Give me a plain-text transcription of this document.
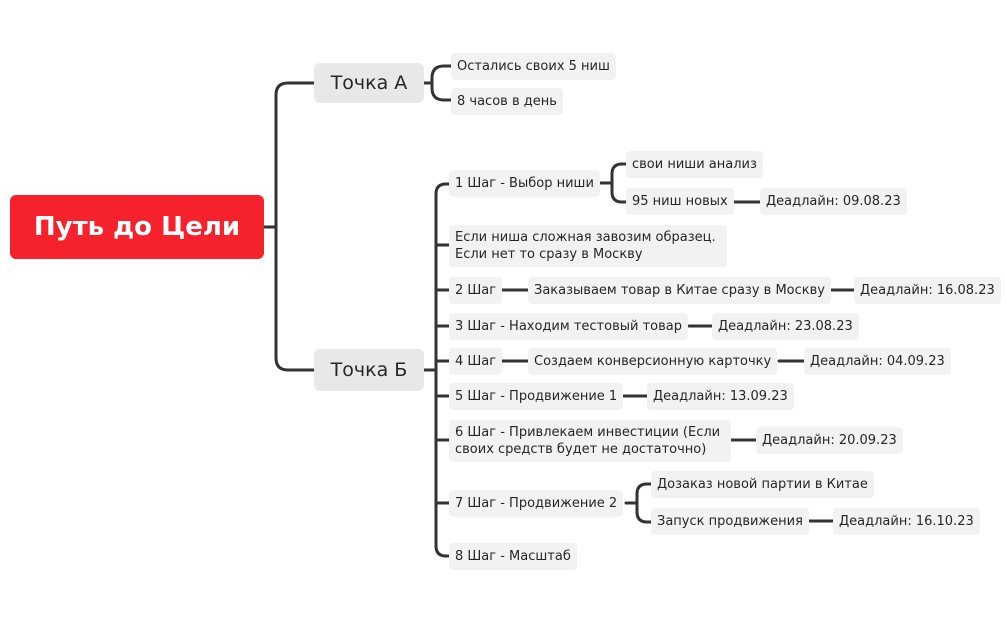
Путь до Цели
Точка А
Остались своих 5 ниш
8 часов в день
Точка Б
1 Шаг - Выбор ниши
свои ниши анализ
95 ниш новых	Деадлайн: 09.08.23
Если ниша сложная завозим образец. Если нет то сразу в Москву
2 Шаг	Заказываем товар в Китае сразу в Москву	Деадлайн: 16.08.23
3 Шаг - Находим тестовый товар	Деадлайн: 23.08.23
4 Шаг	Создаем конверсионную карточку	Деадлайн: 04.09.23
5 Шаг - Продвижение 1	Деадлайн: 13.09.23
6 Шаг - Привлекаем инвестиции (Если своих средств будет не достаточно)
Деадлайн: 20.09.23
7 Шаг - Продвижение 2
Дозаказ новой партии в Китае
Запуск продвижения	Деадлайн: 16.10.23
8 Шаг - Масштаб
